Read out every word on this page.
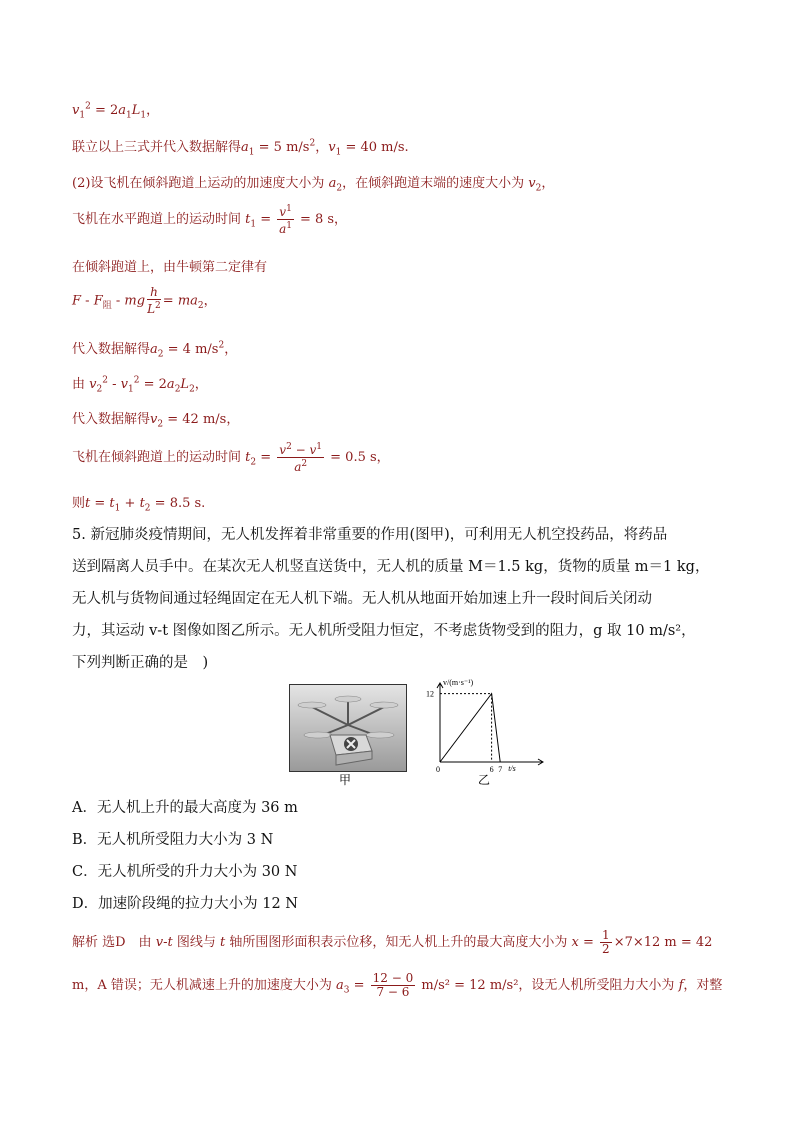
$v_1^2 = 2a_1L_1$，
联立以上三式并代入数据解得$a_1 = 5$ $m/s^2$，$v_1 = 40$ m/s.
(2)设飞机在倾斜跑道上运动的加速度大小为 $a_2$，在倾斜跑道末端的速度大小为 $v_2$，
飞机在水平跑道上的运动时间 $t_1 = \frac{v^1}{a^1} = 8$ s，
在倾斜跑道上，由牛顿第二定律有
F - $F_阻$ - mg $\frac{h}{L^2} = ma_2$，
代入数据解得$a_2 = 4$ $m/s^2$，
由 $v_2^2 - v_1^2 = 2a_2L_2$，
代入数据解得$v_2 = 42$ m/s，
飞机在倾斜跑道上的运动时间 $t_2 = \frac{v^2 - v^1}{a^2} = 0.5$ s，
则$t = t_1 + t_2 = 8.5$ s.
5. 新冠肺炎疫情期间，无人机发挥着非常重要的作用(图甲)，可利用无人机空投药品，将药品
送到隔离人员手中。在某次无人机竖直送货中，无人机的质量 M＝1.5 kg，货物的质量 m＝1 kg，
无人机与货物间通过轻绳固定在无人机下端。无人机从地面开始加速上升一段时间后关闭动
力，其运动 v-t 图像如图乙所示。无人机所受阻力恒定，不考虑货物受到的阻力，g 取 10 m/s²，
下列判断正确的是　)
甲
v/(m·s⁻¹)
t/s
12
0	6 7
乙
A．无人机上升的最大高度为 36 m
B．无人机所受阻力大小为 3 N
C．无人机所受的升力大小为 30 N
D．加速阶段绳的拉力大小为 12 N
解析 选D　由 v-t 图线与 t 轴所围图形面积表示位移，知无人机上升的最大高度大小为 $x = \frac{1}{2} \times 7\times 12$ m = 42
m，A 错误；无人机减速上升的加速度大小为 $a_3 = \frac{12 - 0}{7 - 6} m/s^2 = 12$ m/s²，设无人机所受阻力大小为 f，对整
